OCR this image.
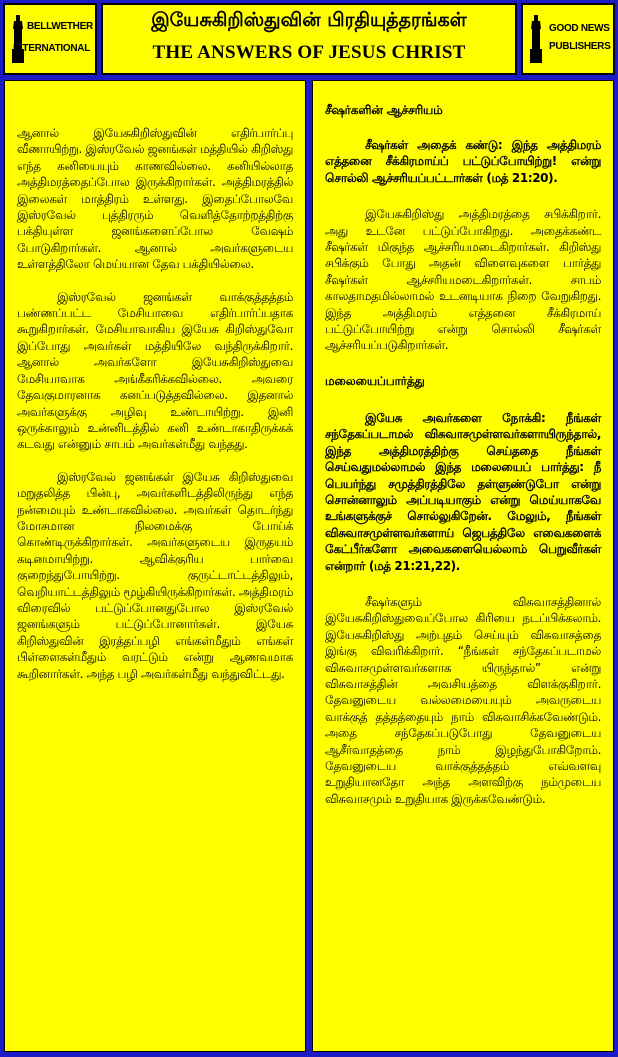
BELLWETHER
INTERNATIONAL
இயேசுகிறிஸ்துவின் பிரதியுத்தரங்கள்
THE ANSWERS OF JESUS CHRIST
GOOD NEWS
PUBLISHERS
ஆனால் இயேசுகிறிஸ்துவின் எதிர்பார்ப்பு வீணாயிற்று. இஸ்ரவேல் ஜனங்கள் மத்தியில் கிறிஸ்து எந்த கனியையும் காணவில்லை. கனியில்லாத அத்திமரத்தைப்போல இருக்கிறார்கள். அத்திமரத்தில் இலைகள் மாத்திரம் உள்ளது. இதைப்போலவே இஸ்ரவேல் புத்திரரும் வெளித்தோற்றத்திற்கு பக்தியுள்ள ஜனங்களைப்போல வேஷம் போடுகிறார்கள். ஆனால் அவர்களுடைய உள்ளத்திலோ மெய்யான தேவ பக்தியில்லை.
இஸ்ரவேல் ஜனங்கள் வாக்குத்தத்தம் பண்ணப்பட்ட மேசியாவை எதிர்பார்ப்பதாக கூறுகிறார்கள். மேசியாவாகிய இயேசு கிறிஸ்துவோ இப்போது அவர்கள் மத்தியிலே வந்திருக்கிறார். ஆனால் அவர்களோ இயேசுகிறிஸ்துவை மேசியாவாக அங்கீகரிக்கவில்லை. அவரை தேவகுமாரனாக கனப்படுத்தவில்லை. இதனால் அவர்களுக்கு அழிவு உண்டாயிற்று. இனி ஒருக்காலும் உன்னிடத்தில் கனி உண்டாகாதிருக்கக் கடவது என்னும் சாபம் அவர்கள்மீது வந்தது.
இஸ்ரவேல் ஜனங்கள் இயேசு கிறிஸ்துவை மறுதலித்த பின்பு, அவர்களிடத்திலிருந்து எந்த நன்மையும் உண்டாகவில்லை. அவர்கள் தொடர்ந்து மோசமான நிலமைக்கு போய்க் கொண்டிருக்கிறார்கள். அவர்களுடைய இருதயம் கடினமாயிற்று. ஆவிக்குரிய பார்வை குறைந்துபோயிற்று. குருட்டாட்டத்திலும், வெறியாட்டத்திலும் மூழ்கியிருக்கிறார்கள். அத்திமரம் விரைவில் பட்டுப்போனதுபோல இஸ்ரவேல் ஜனங்களும் பட்டுப்போனார்கள். இயேசு கிறிஸ்துவின் இரத்தப்பழி எங்கள்மீதும் எங்கள் பிள்ளைகள்மீதும் வரட்டும் என்று ஆணவமாக கூறினார்கள். அந்த பழி அவர்கள்மீது வந்துவிட்டது.
சீஷர்களின் ஆச்சரியம்
சீஷர்கள் அதைக் கண்டு: இந்த அத்திமரம் எத்தனை சீக்கிரமாய்ப் பட்டுப்போயிற்று! என்று சொல்லி ஆச்சரியப்பட்டார்கள் (மத் 21:20).
இயேசுகிறிஸ்து அத்திமரத்தை சபிக்கிறார். அது உடனே பட்டுப்போகிறது. அதைக்கண்ட சீஷர்கள் மிகுந்த ஆச்சரியமடைகிறார்கள். கிறிஸ்து சபிக்கும் போது அதன் விளைவுகளை பார்த்து சீஷர்கள் ஆச்சரியமடைகிறார்கள். சாபம் காலதாமதமில்லாமல் உடனடியாக நிறை வேறுகிறது. இந்த அத்திமரம் எத்தனை சீக்கிரமாய் பட்டுப்போயிற்று என்று சொல்லி சீஷர்கள் ஆச்சரியப்படுகிறார்கள்.
மலையைப்பார்த்து
இயேசு அவர்களை நோக்கி: நீங்கள் சந்தேகப்படாமல் விசுவாசமுள்ளவர்களாயிருந்தால், இந்த அத்திமரத்திற்கு செய்ததை நீங்கள் செய்வதுமல்லாமல் இந்த மலையைப் பார்த்து: நீ பெயர்ந்து சமுத்திரத்திலே தள்ளுண்டுபோ என்று சொன்னாலும் அப்படியாகும் என்று மெய்யாகவே உங்களுக்குச் சொல்லுகிறேன். மேலும், நீங்கள் விசுவாசமுள்ளவர்களாய் ஜெபத்திலே எவைகளைக் கேட்பீர்களோ அவைகளையெல்லாம் பெறுவீர்கள் என்றார் (மத் 21:21,22).
சீஷர்களும் விசுவாசத்தினால் இயேசுகிறிஸ்துவைப்போல கிரியை நடப்பிக்கலாம். இயேசுகிறிஸ்து அற்புதம் செய்யும் விசுவாசத்தை இங்கு விவரிக்கிறார். “நீங்கள் சந்தேகப்படாமல் விசுவாசமுள்ளவர்களாக யிருந்தால்” என்று விசுவாசத்தின் அவசியத்தை விளக்குகிறார். தேவனுடைய வல்லமையையும் அவருடைய வாக்குத் தத்தத்தையும் நாம் விசுவாசிக்கவேண்டும். அதை சந்தேகப்படுபோது தேவனுடைய ஆசீர்வாதத்தை நாம் இழந்துபோகிறோம். தேவனுடைய வாக்குத்தத்தம் எவ்வளவு உறுதியானதோ அந்த அளவிற்கு நம்முடைய விசுவாசமும் உறுதியாக இருக்கவேண்டும்.
